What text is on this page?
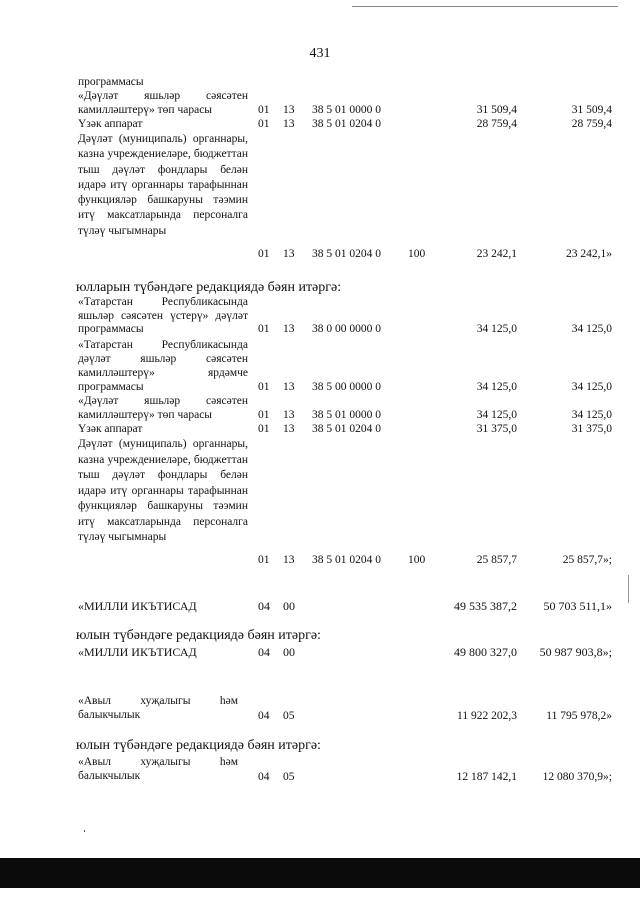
431
программасы
«Дәүләт яшьләр сәясәтен камилләштерү» төп чарасы	01	13	38 5 01 0000 0	31 509,4	31 509,4
Үзәк аппарат	01	13	38 5 01 0204 0	28 759,4	28 759,4
Дәүләт (муниципаль) органнары, казна учреждениеләре, бюджеттан тыш дәүләт фондлары белән идарә итү органнары тарафыннан функцияләр башкаруны тәэмин итү максатларында персоналга түләү чыгымнары
01	13	38 5 01 0204 0	100	23 242,1	23 242,1»
юлларын түбәндәге редакциядә бәян итәргә:
«Татарстан Республикасында яшьләр сәясәтен үстерү» дәүләт программасы	01	13	38 0 00 0000 0	34 125,0	34 125,0
«Татарстан Республикасында дәүләт яшьләр сәясәтен камилләштерү» ярдәмче программасы	01	13	38 5 00 0000 0	34 125,0	34 125,0
«Дәүләт яшьләр сәясәтен камилләштерү» төп чарасы	01	13	38 5 01 0000 0	34 125,0	34 125,0
Үзәк аппарат	01	13	38 5 01 0204 0	31 375,0	31 375,0
Дәүләт (муниципаль) органнары, казна учреждениеләре, бюджеттан тыш дәүләт фондлары белән идарә итү органнары тарафыннан функцияләр башкаруны тәэмин итү максатларында персоналга түләү чыгымнары
01	13	38 5 01 0204 0	100	25 857,7	25 857,7»;
«МИЛЛИ ИКЪТИСАД	04	00	49 535 387,2	50 703 511,1»
юлын түбәндәге редакциядә бәян итәргә:
«МИЛЛИ ИКЪТИСАД	04	00	49 800 327,0	50 987 903,8»;
«Авыл хуҗалыгы һәм балыкчылык	04	05	11 922 202,3	11 795 978,2»
юлын түбәндәге редакциядә бәян итәргә:
«Авыл хуҗалыгы һәм балыкчылык	04	05	12 187 142,1	12 080 370,9»;
